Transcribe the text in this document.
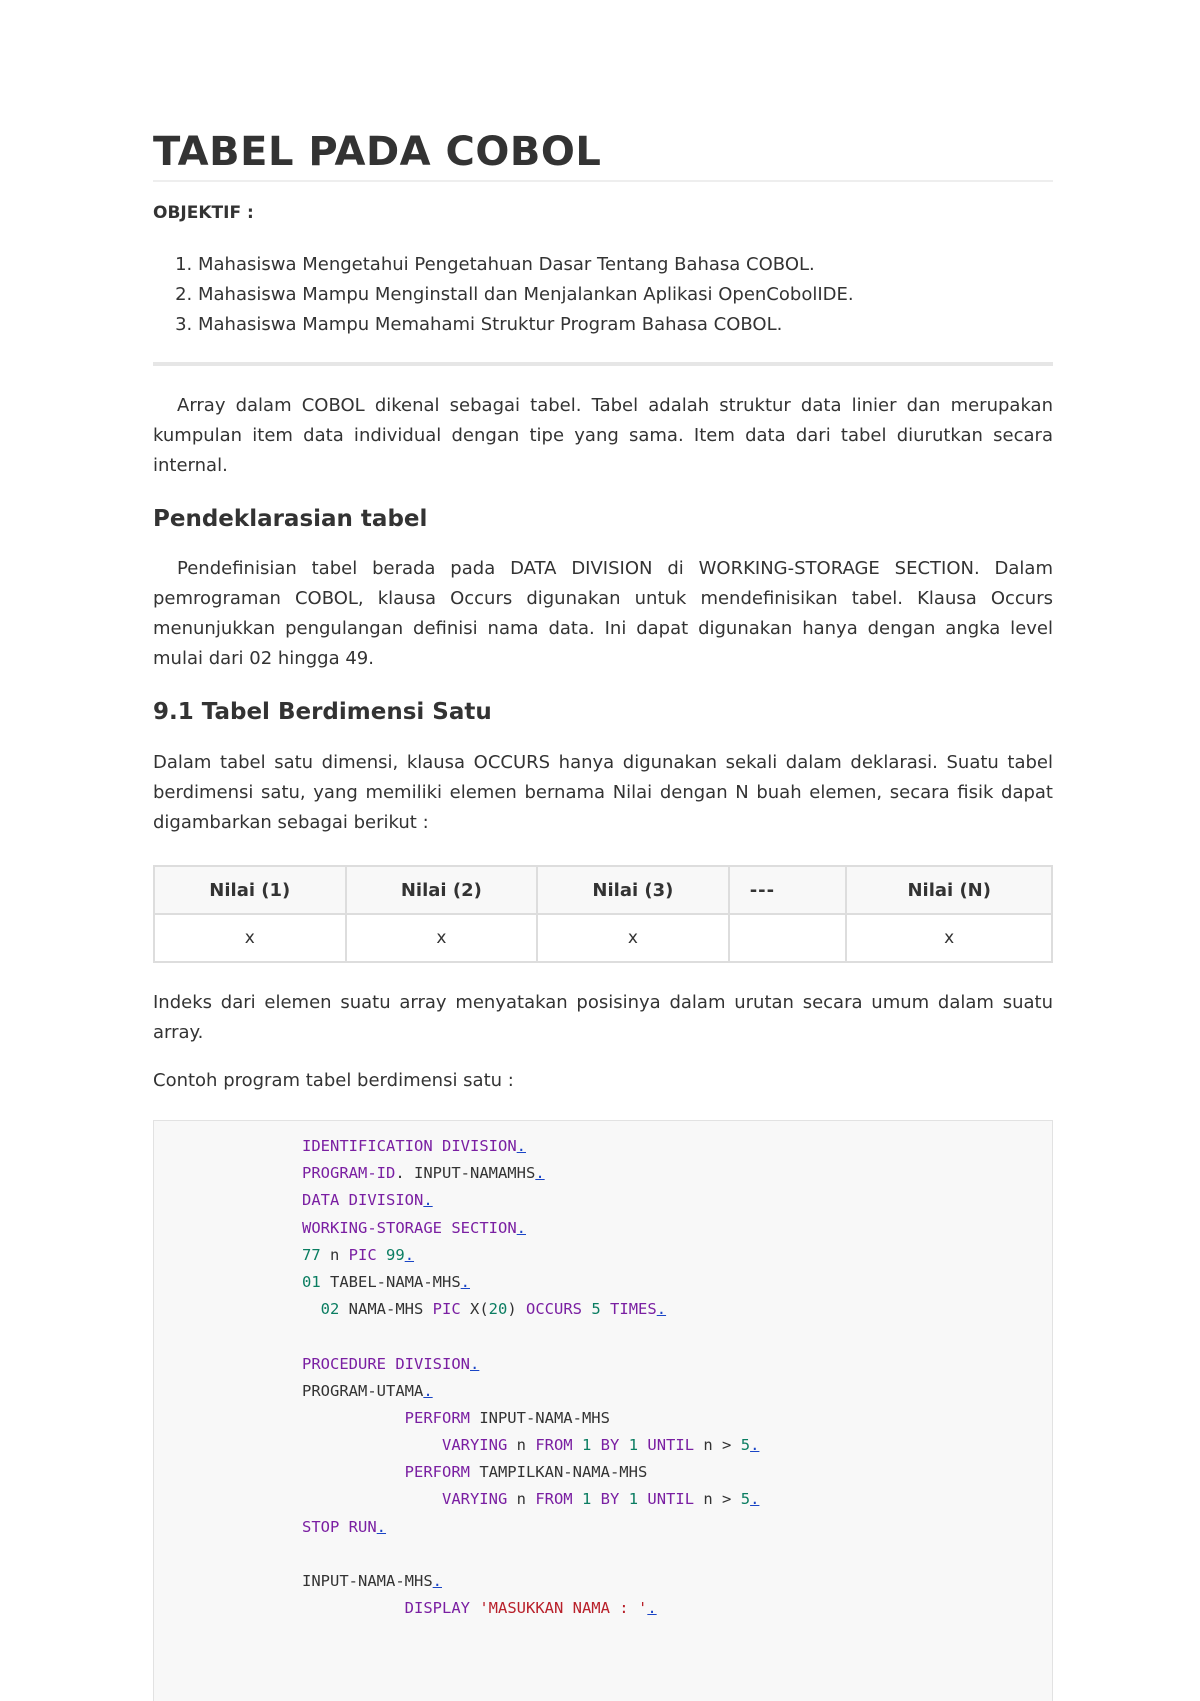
TABEL PADA COBOL
OBJEKTIF :
1. Mahasiswa Mengetahui Pengetahuan Dasar Tentang Bahasa COBOL.
2. Mahasiswa Mampu Menginstall dan Menjalankan Aplikasi OpenCobolIDE.
3. Mahasiswa Mampu Memahami Struktur Program Bahasa COBOL.

Array dalam COBOL dikenal sebagai tabel. Tabel adalah struktur data linier dan merupakan kumpulan item data individual dengan tipe yang sama. Item data dari tabel diurutkan secara internal.

Pendeklarasian tabel

Pendefinisian tabel berada pada DATA DIVISION di WORKING-STORAGE SECTION. Dalam pemrograman COBOL, klausa Occurs digunakan untuk mendefinisikan tabel. Klausa Occurs menunjukkan pengulangan definisi nama data. Ini dapat digunakan hanya dengan angka level mulai dari 02 hingga 49.

9.1 Tabel Berdimensi Satu

Dalam tabel satu dimensi, klausa OCCURS hanya digunakan sekali dalam deklarasi. Suatu tabel berdimensi satu, yang memiliki elemen bernama Nilai dengan N buah elemen, secara fisik dapat digambarkan sebagai berikut :

Nilai (1)	Nilai (2)	Nilai (3)	---	Nilai (N)
x	x	x		x

Indeks dari elemen suatu array menyatakan posisinya dalam urutan secara umum dalam suatu array.

Contoh program tabel berdimensi satu :

IDENTIFICATION DIVISION.
PROGRAM-ID. INPUT-NAMAMHS.
DATA DIVISION.
WORKING-STORAGE SECTION.
77 n PIC 99.
01 TABEL-NAMA-MHS.
02 NAMA-MHS PIC X(20) OCCURS 5 TIMES.

PROCEDURE DIVISION.
PROGRAM-UTAMA.
PERFORM INPUT-NAMA-MHS
VARYING n FROM 1 BY 1 UNTIL n > 5.
PERFORM TAMPILKAN-NAMA-MHS
VARYING n FROM 1 BY 1 UNTIL n > 5.
STOP RUN.

INPUT-NAMA-MHS.
DISPLAY 'MASUKKAN NAMA : '.
